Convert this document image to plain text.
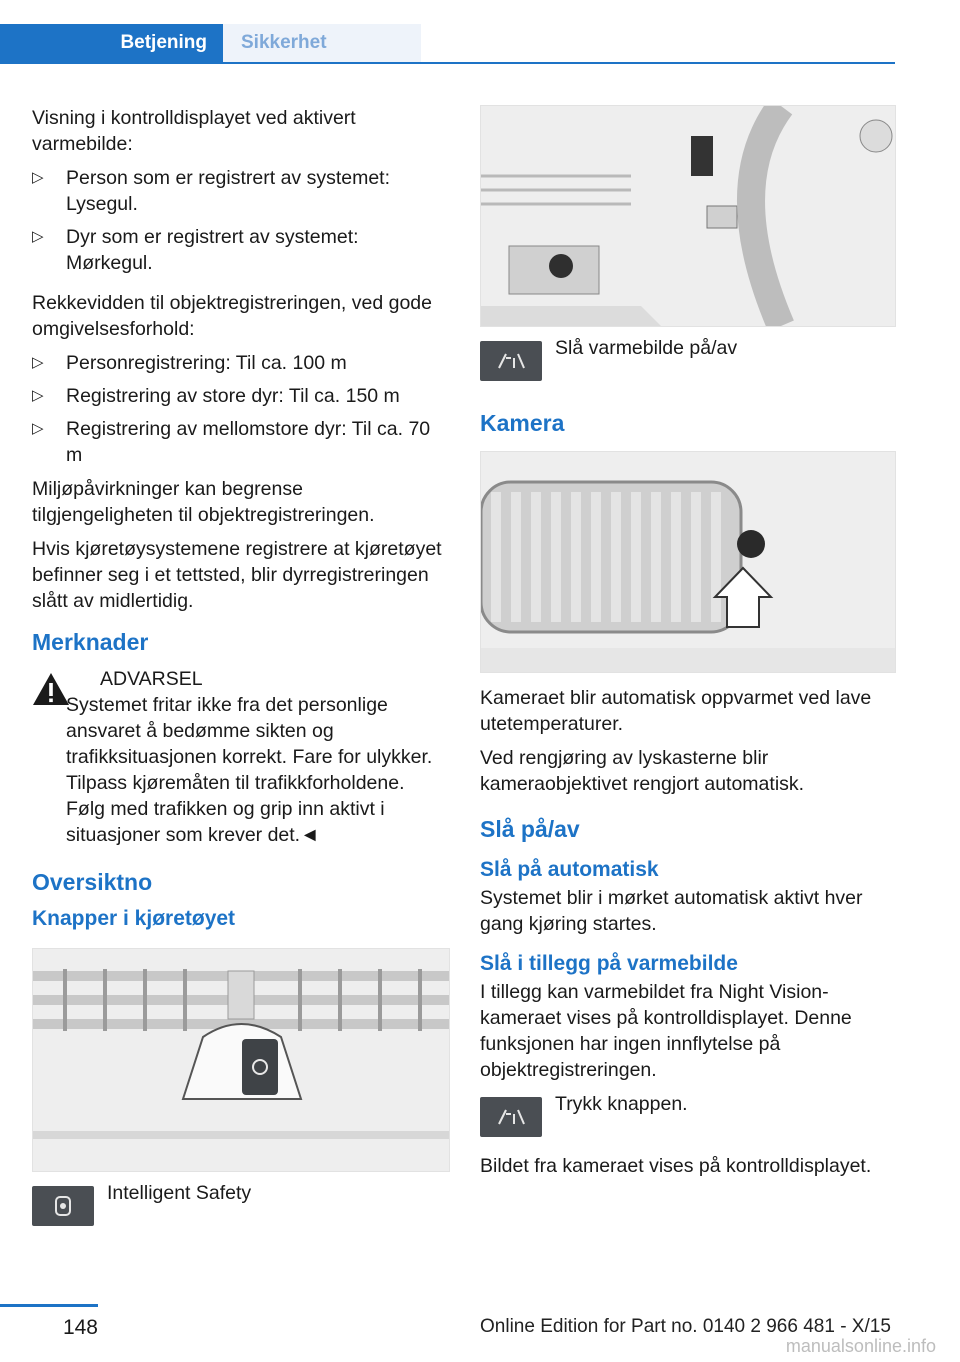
Betjening	Sikkerhet

Visning i kontrolldisplayet ved aktivert varmebilde:

▷ Person som er registrert av systemet: Lysegul.
▷ Dyr som er registrert av systemet: Mørkegul.

Rekkevidden til objektregistreringen, ved gode omgivelsesforhold:

▷ Personregistrering: Til ca. 100 m
▷ Registrering av store dyr: Til ca. 150 m
▷ Registrering av mellomstore dyr: Til ca. 70 m

Miljøpåvirkninger kan begrense tilgjengeligheten til objektregistreringen.

Hvis kjøretøysystemene registrere at kjøretøyet befinner seg i et tettsted, blir dyrregistreringen slått av midlertidig.

Merknader
ADVARSEL
Systemet fritar ikke fra det personlige ansvaret å bedømme sikten og trafikksituasjonen korrekt. Fare for ulykker. Tilpass kjøremåten til trafikkforholdene. Følg med trafikken og grip inn aktivt i situasjoner som krever det.◄
Oversiktno
Knapper i kjøretøyet
Intelligent Safety
Slå varmebilde på/av
Kamera

Kameraet blir automatisk oppvarmet ved lave utetemperaturer.

Ved rengjøring av lyskasterne blir kameraobjektivet rengjort automatisk.

Slå på/av
Slå på automatisk

Systemet blir i mørket automatisk aktivt hver gang kjøring startes.

Slå i tillegg på varmebilde

I tillegg kan varmebildet fra Night Vision-kameraet vises på kontrolldisplayet. Denne funksjonen har ingen innflytelse på objektregistreringen.

Trykk knappen.

Bildet fra kameraet vises på kontrolldisplayet.

148	Online Edition for Part no. 0140 2 966 481 - X/15
manualsonline.info
